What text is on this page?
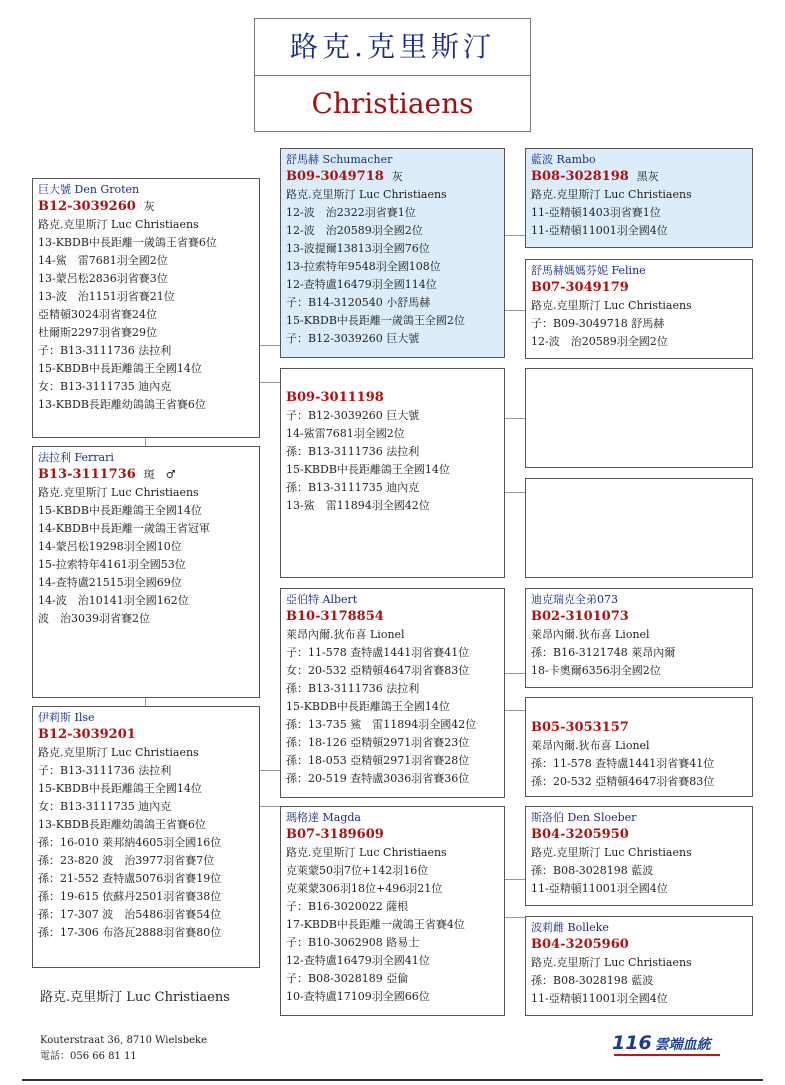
路克.克里斯汀
Christiaens
巨大號 Den Groten
B12-3039260 灰
路克.克里斯汀 Luc Christiaens
13-KBDB中長距離一歲鴿王省賽6位
14-鯊　雷7681羽全國2位
13-蒙呂松2836羽省賽3位
13-波　治1151羽省賽21位
亞精頓3024羽省賽24位
杜爾斯2297羽省賽29位
子：B13-3111736 法拉利
15-KBDB中長距離鴿王全國14位
女：B13-3111735 迪內克
13-KBDB長距離幼鴿鴿王省賽6位
法拉利 Ferrari
B13-3111736 斑　♂
路克.克里斯汀 Luc Christiaens
15-KBDB中長距離鴿王全國14位
14-KBDB中長距離一歲鴿王省冠軍
14-蒙呂松19298羽全國10位
15-拉索特年4161羽全國53位
14-查特盧21515羽全國69位
14-波　治10141羽全國162位
波　治3039羽省賽2位
伊莉斯 Ilse
B12-3039201
路克.克里斯汀 Luc Christiaens
子：B13-3111736 法拉利
15-KBDB中長距離鴿王全國14位
女：B13-3111735 迪內克
13-KBDB長距離幼鴿鴿王省賽6位
孫：16-010 萊邦納4605羽全國16位
孫：23-820 波　治3977羽省賽7位
孫：21-552 查特盧5076羽省賽19位
孫：19-615 依蘇丹2501羽省賽38位
孫：17-307 波　治5486羽省賽54位
孫：17-306 布洛瓦2888羽省賽80位
舒馬赫 Schumacher
B09-3049718 灰
路克.克里斯汀 Luc Christiaens
12-波　治2322羽省賽1位
12-波　治20589羽全國2位
13-波提爾13813羽全國76位
13-拉索特年9548羽全國108位
12-查特盧16479羽全國114位
子：B14-3120540 小舒馬赫
15-KBDB中長距離一歲鴿王全國2位
子：B12-3039260 巨大號
B09-3011198
子：B12-3039260 巨大號
14-鯊雷7681羽全國2位
孫：B13-3111736 法拉利
15-KBDB中長距離鴿王全國14位
孫：B13-3111735 迪內克
13-鯊　雷11894羽全國42位
亞伯特 Albert
B10-3178854
萊昂內爾.狄布喜 Lionel
子：11-578 查特盧1441羽省賽41位
女：20-532 亞精頓4647羽省賽83位
孫：B13-3111736 法拉利
15-KBDB中長距離鴿王全國14位
孫：13-735 鯊　雷11894羽全國42位
孫：18-126 亞精頓2971羽省賽23位
孫：18-053 亞精頓2971羽省賽28位
孫：20-519 查特盧3036羽省賽36位
瑪格達 Magda
B07-3189609
路克.克里斯汀 Luc Christiaens
克萊蒙50羽7位+142羽16位
克萊蒙306羽18位+496羽21位
子：B16-3020022 薩根
17-KBDB中長距離一歲鴿王省賽4位
子：B10-3062908 路易士
12-查特盧16479羽全國41位
子：B08-3028189 亞倫
10-查特盧17109羽全國66位
藍波 Rambo
B08-3028198 黑灰
路克.克里斯汀 Luc Christiaens
11-亞精頓1403羽省賽1位
11-亞精頓11001羽全國4位
舒馬赫媽媽芬妮 Feline
B07-3049179
路克.克里斯汀 Luc Christiaens
子：B09-3049718 舒馬赫
12-波　治20589羽全國2位
迪克瑞克全弟073
B02-3101073
萊昂內爾.狄布喜 Lionel
孫：B16-3121748 萊昂內爾
18-卡奧爾6356羽全國2位
B05-3053157
萊昂內爾.狄布喜 Lionel
孫：11-578 查特盧1441羽省賽41位
孫：20-532 亞精頓4647羽省賽83位
斯洛伯 Den Sloeber
B04-3205950
路克.克里斯汀 Luc Christiaens
孫：B08-3028198 藍波
11-亞精頓11001羽全國4位
波莉雌 Bolleke
B04-3205960
路克.克里斯汀 Luc Christiaens
孫：B08-3028198 藍波
11-亞精頓11001羽全國4位
路克.克里斯汀 Luc Christiaens
Kouterstraat 36, 8710 Wielsbeke
電話：056 66 81 11
116 雲端血統
